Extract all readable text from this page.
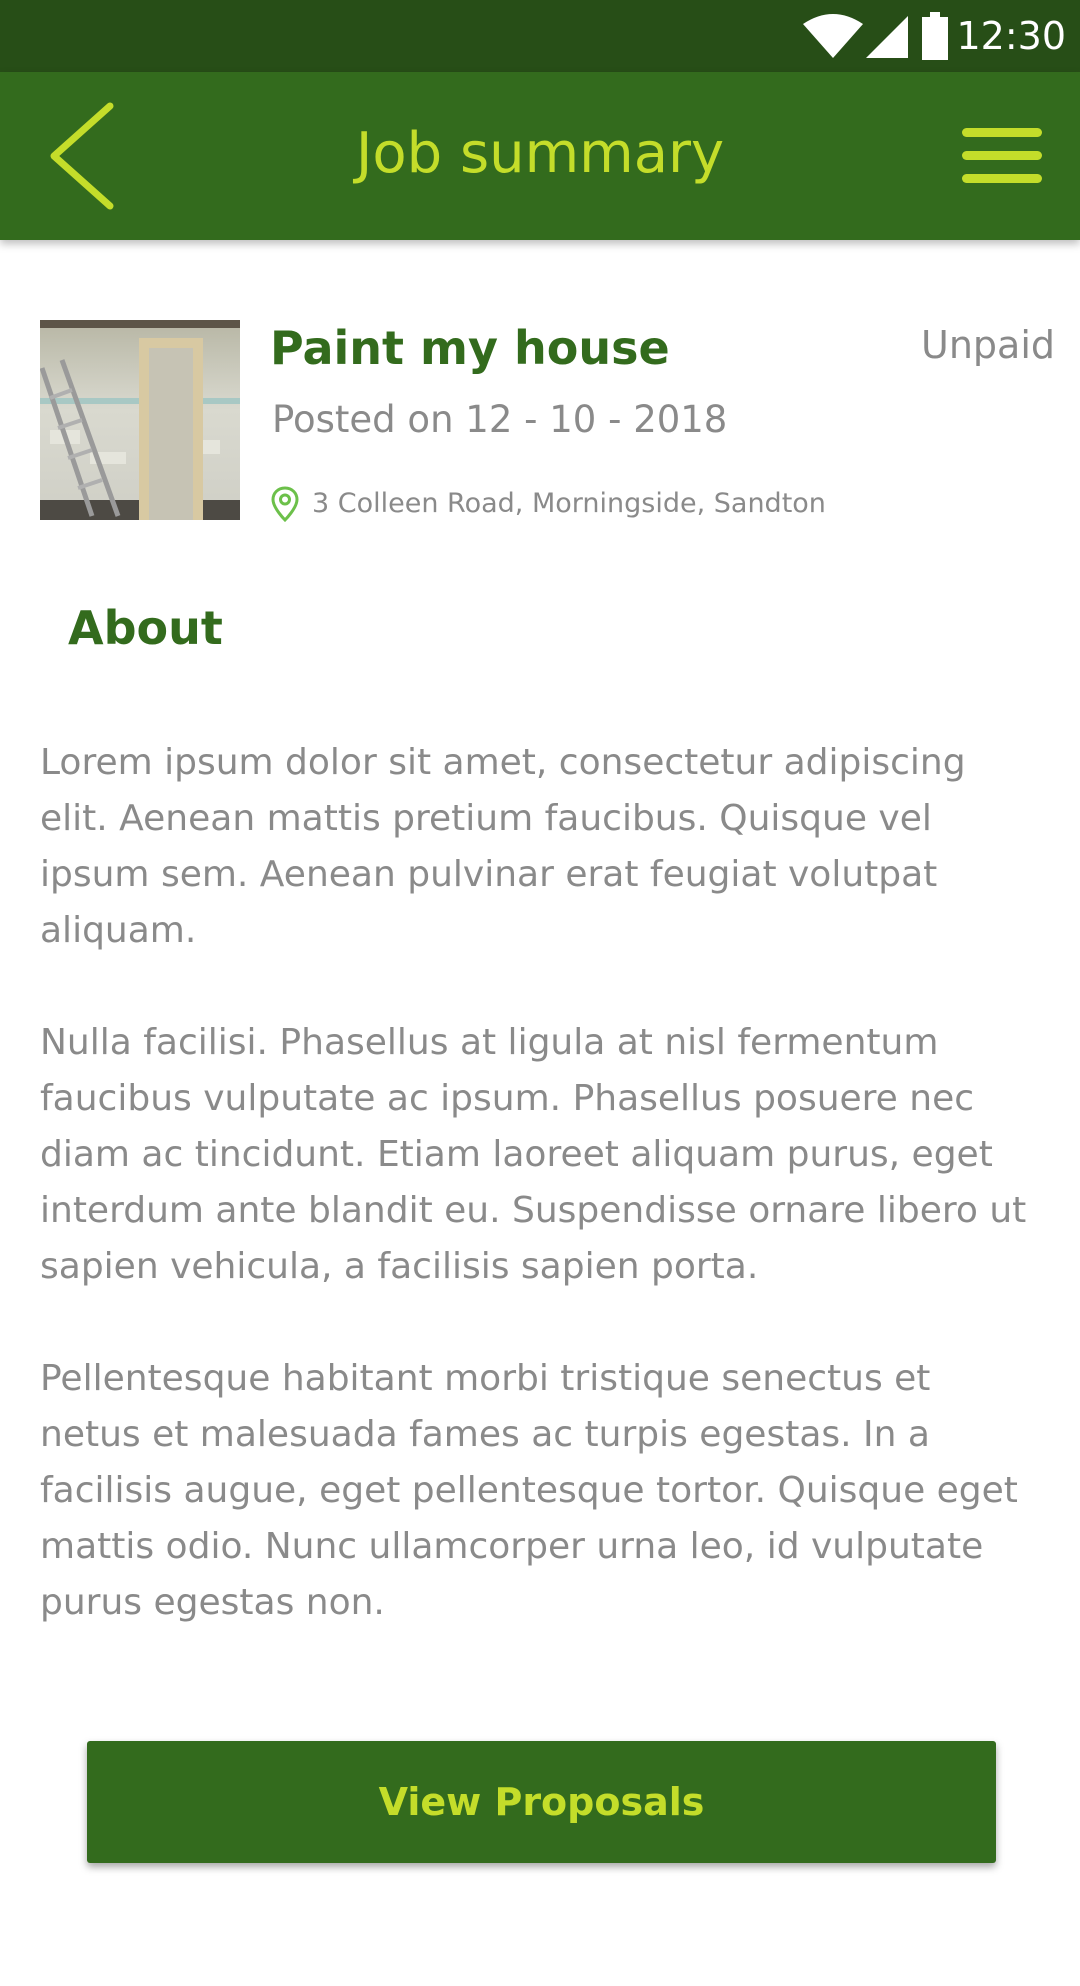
12:30
Job summary
Paint my house	Unpaid
Posted on 12 - 10 - 2018
3 Colleen Road, Morningside, Sandton
About

Lorem ipsum dolor sit amet, consectetur adipiscing elit. Aenean mattis pretium faucibus. Quisque vel ipsum sem. Aenean pulvinar erat feugiat volutpat aliquam.

Nulla facilisi. Phasellus at ligula at nisl fermentum faucibus vulputate ac ipsum. Phasellus posuere nec diam ac tincidunt. Etiam laoreet aliquam purus, eget interdum ante blandit eu. Suspendisse ornare libero ut sapien vehicula, a facilisis sapien porta.

Pellentesque habitant morbi tristique senectus et netus et malesuada fames ac turpis egestas. In a facilisis augue, eget pellentesque tortor. Quisque eget mattis odio. Nunc ullamcorper urna leo, id vulputate purus egestas non.

View Proposals
